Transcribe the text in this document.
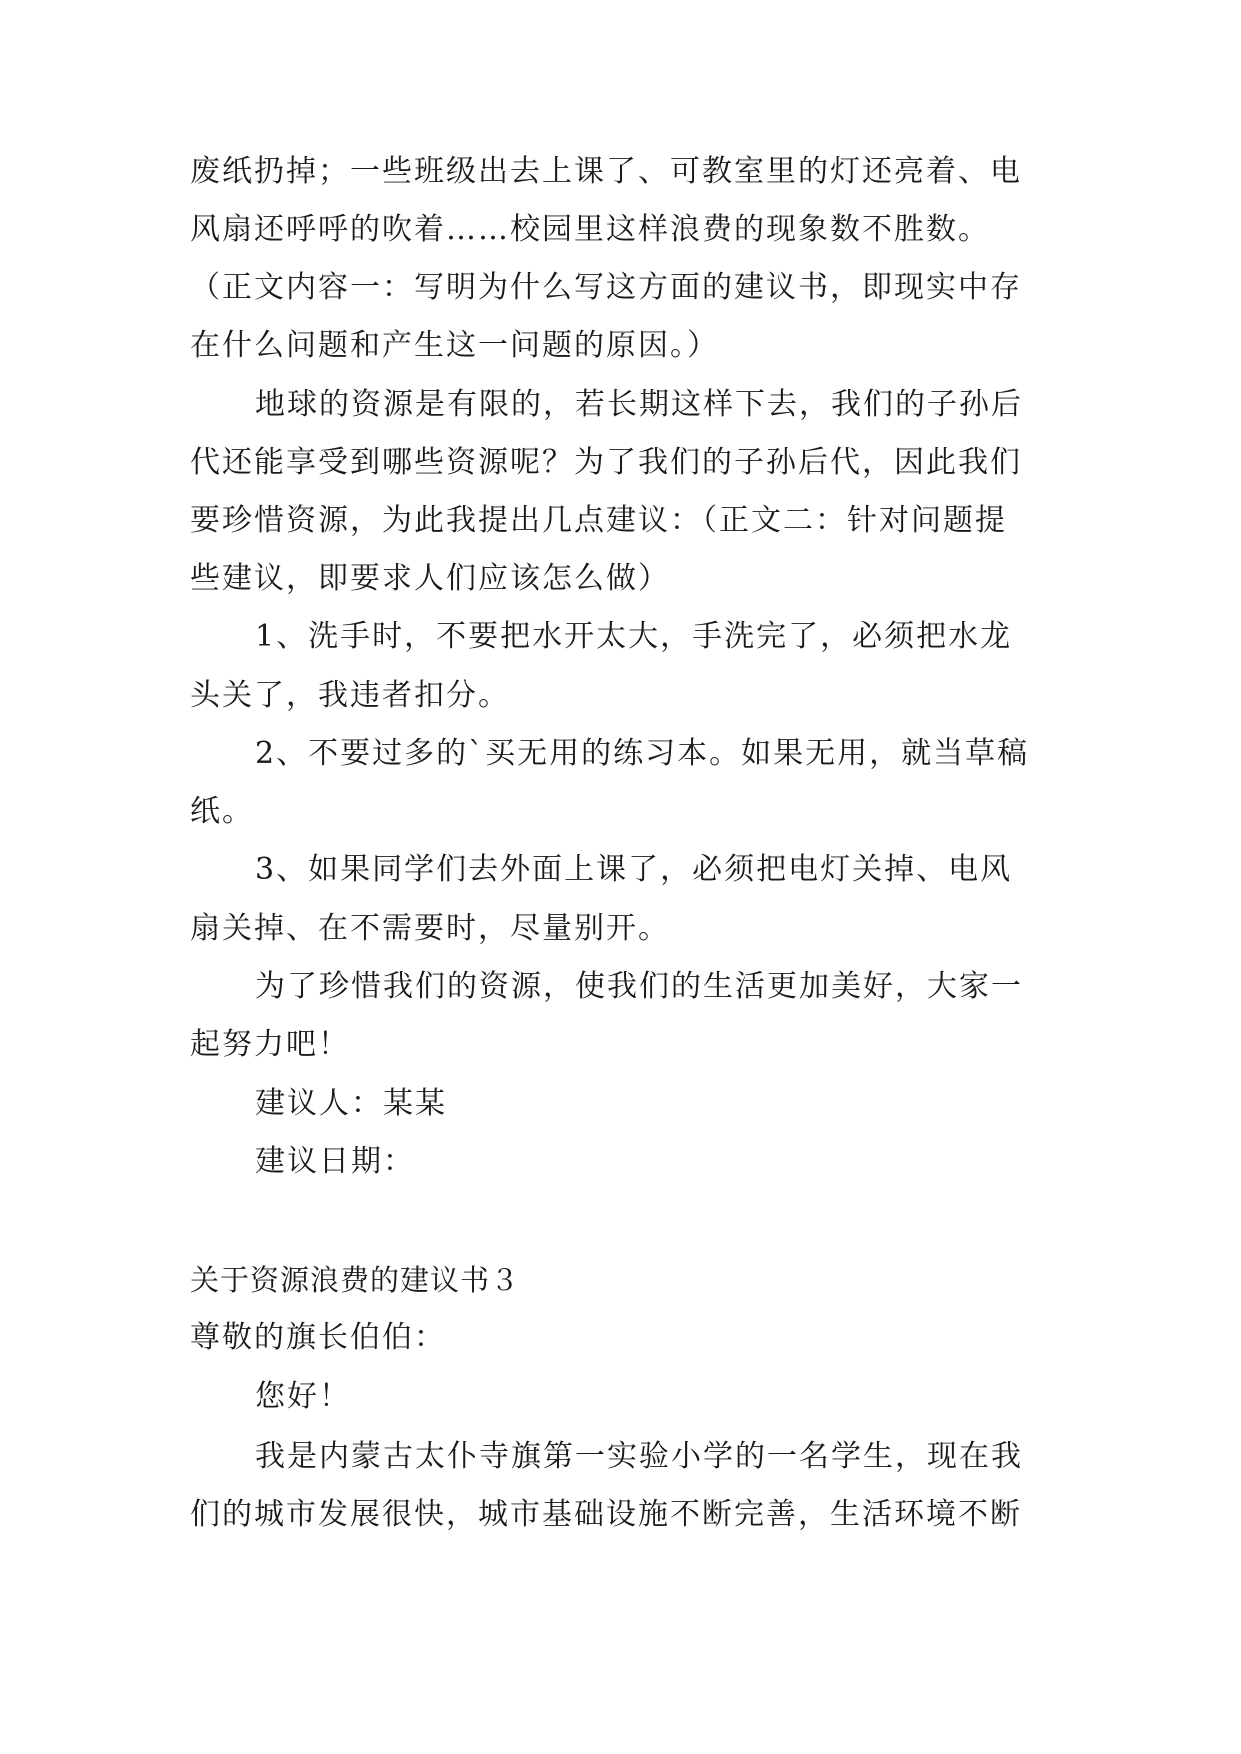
废纸扔掉；一些班级出去上课了、可教室里的灯还亮着、电
风扇还呼呼的吹着……校园里这样浪费的现象数不胜数。
（正文内容一：写明为什么写这方面的建议书，即现实中存
在什么问题和产生这一问题的原因。）
地球的资源是有限的，若长期这样下去，我们的子孙后
代还能享受到哪些资源呢？为了我们的子孙后代，因此我们
要珍惜资源，为此我提出几点建议：（正文二：针对问题提
些建议，即要求人们应该怎么做）
1、洗手时，不要把水开太大，手洗完了，必须把水龙
头关了，我违者扣分。
2、不要过多的`买无用的练习本。如果无用，就当草稿
纸。
3、如果同学们去外面上课了，必须把电灯关掉、电风
扇关掉、在不需要时，尽量别开。
为了珍惜我们的资源，使我们的生活更加美好，大家一
起努力吧！
建议人：某某
建议日期：
关于资源浪费的建议书３
尊敬的旗长伯伯：
您好！
我是内蒙古太仆寺旗第一实验小学的一名学生，现在我
们的城市发展很快，城市基础设施不断完善，生活环境不断
